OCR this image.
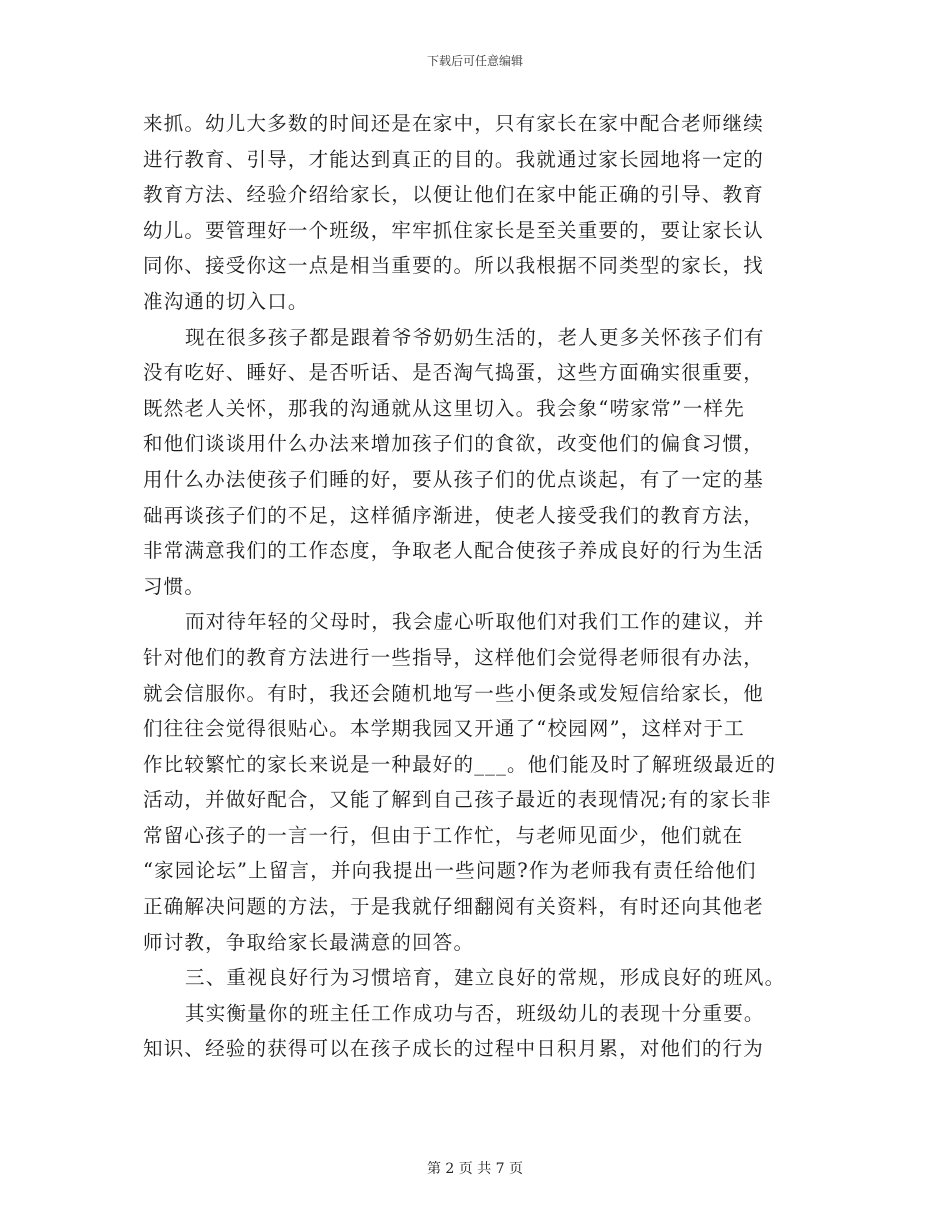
下载后可任意编辑
来抓。幼儿大多数的时间还是在家中，只有家长在家中配合老师继续
进行教育、引导，才能达到真正的目的。我就通过家长园地将一定的
教育方法、经验介绍给家长，以便让他们在家中能正确的引导、教育
幼儿。要管理好一个班级，牢牢抓住家长是至关重要的，要让家长认
同你、接受你这一点是相当重要的。所以我根据不同类型的家长，找
准沟通的切入口。
现在很多孩子都是跟着爷爷奶奶生活的，老人更多关怀孩子们有
没有吃好、睡好、是否听话、是否淘气捣蛋，这些方面确实很重要，
既然老人关怀，那我的沟通就从这里切入。我会象“唠家常”一样先
和他们谈谈用什么办法来增加孩子们的食欲，改变他们的偏食习惯，
用什么办法使孩子们睡的好，要从孩子们的优点谈起，有了一定的基
础再谈孩子们的不足，这样循序渐进，使老人接受我们的教育方法，
非常满意我们的工作态度，争取老人配合使孩子养成良好的行为生活
习惯。
而对待年轻的父母时，我会虚心听取他们对我们工作的建议，并
针对他们的教育方法进行一些指导，这样他们会觉得老师很有办法，
就会信服你。有时，我还会随机地写一些小便条或发短信给家长，他
们往往会觉得很贴心。本学期我园又开通了“校园网”，这样对于工
作比较繁忙的家长来说是一种最好的___。他们能及时了解班级最近的
活动，并做好配合，又能了解到自己孩子最近的表现情况;有的家长非
常留心孩子的一言一行，但由于工作忙，与老师见面少，他们就在
“家园论坛”上留言，并向我提出一些问题?作为老师我有责任给他们
正确解决问题的方法，于是我就仔细翻阅有关资料，有时还向其他老
师讨教，争取给家长最满意的回答。
三、重视良好行为习惯培育，建立良好的常规，形成良好的班风。
其实衡量你的班主任工作成功与否，班级幼儿的表现十分重要。
知识、经验的获得可以在孩子成长的过程中日积月累，对他们的行为
第 2 页 共 7 页
